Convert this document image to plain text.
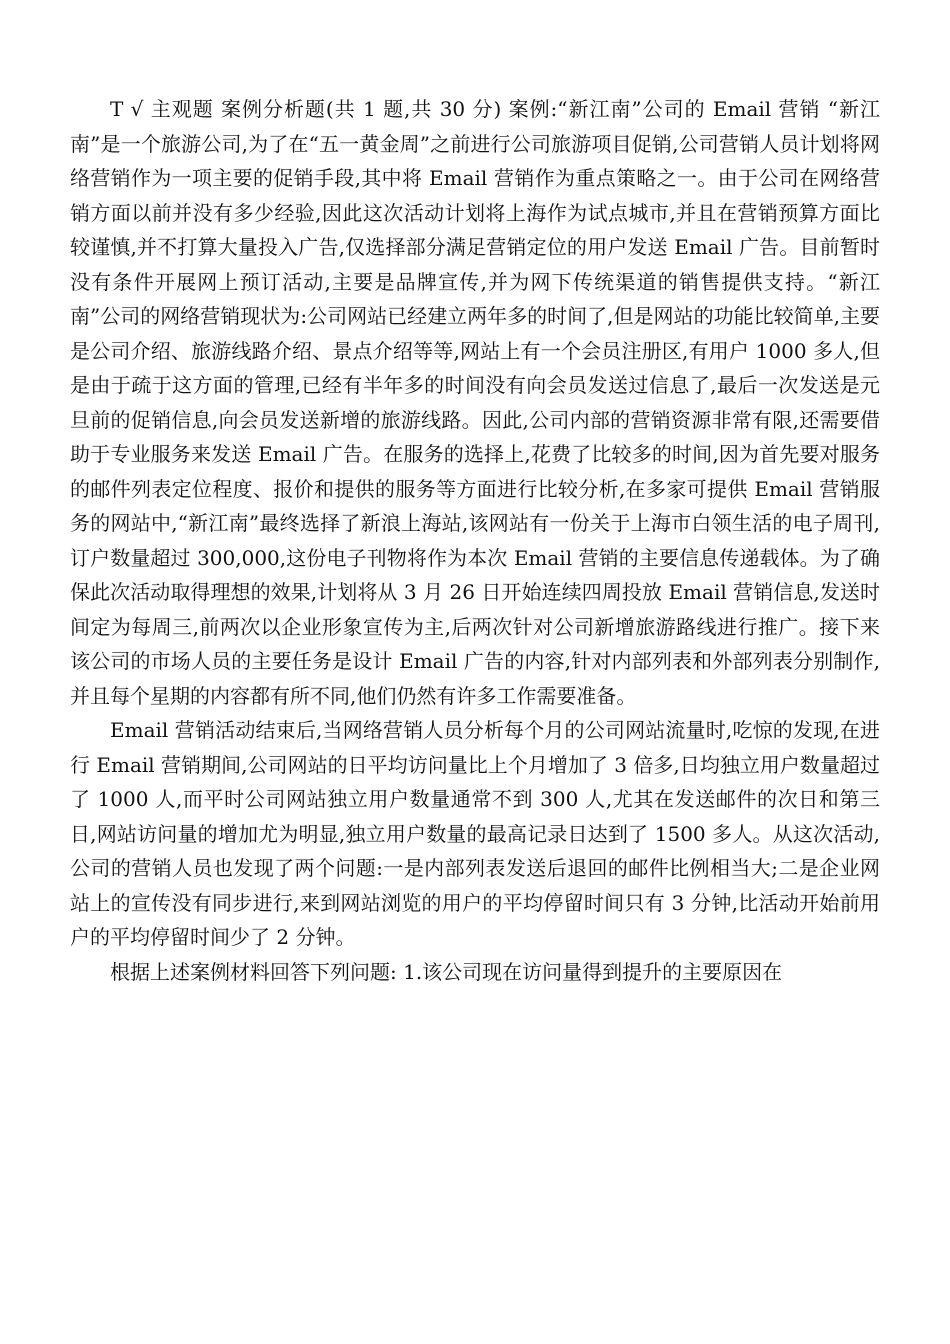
T √ 主观题 案例分析题(共 1 题,共 30 分) 案例:“新江南”公司的 Email 营销 “新江南”是一个旅游公司,为了在“五一黄金周”之前进行公司旅游项目促销,公司营销人员计划将网络营销作为一项主要的促销手段,其中将 Email 营销作为重点策略之一。由于公司在网络营销方面以前并没有多少经验,因此这次活动计划将上海作为试点城市,并且在营销预算方面比较谨慎,并不打算大量投入广告,仅选择部分满足营销定位的用户发送 Email 广告。目前暂时没有条件开展网上预订活动,主要是品牌宣传,并为网下传统渠道的销售提供支持。“新江南”公司的网络营销现状为:公司网站已经建立两年多的时间了,但是网站的功能比较简单,主要是公司介绍、旅游线路介绍、景点介绍等等,网站上有一个会员注册区,有用户 1000 多人,但是由于疏于这方面的管理,已经有半年多的时间没有向会员发送过信息了,最后一次发送是元旦前的促销信息,向会员发送新增的旅游线路。因此,公司内部的营销资源非常有限,还需要借助于专业服务来发送 Email 广告。在服务的选择上,花费了比较多的时间,因为首先要对服务的邮件列表定位程度、报价和提供的服务等方面进行比较分析,在多家可提供 Email 营销服务的网站中,“新江南”最终选择了新浪上海站,该网站有一份关于上海市白领生活的电子周刊,订户数量超过 300,000,这份电子刊物将作为本次 Email 营销的主要信息传递载体。为了确保此次活动取得理想的效果,计划将从 3 月 26 日开始连续四周投放 Email 营销信息,发送时间定为每周三,前两次以企业形象宣传为主,后两次针对公司新增旅游路线进行推广。接下来该公司的市场人员的主要任务是设计 Email 广告的内容,针对内部列表和外部列表分别制作,并且每个星期的内容都有所不同,他们仍然有许多工作需要准备。

Email 营销活动结束后,当网络营销人员分析每个月的公司网站流量时,吃惊的发现,在进行 Email 营销期间,公司网站的日平均访问量比上个月增加了 3 倍多,日均独立用户数量超过了 1000 人,而平时公司网站独立用户数量通常不到 300 人,尤其在发送邮件的次日和第三日,网站访问量的增加尤为明显,独立用户数量的最高记录日达到了 1500 多人。从这次活动,公司的营销人员也发现了两个问题:一是内部列表发送后退回的邮件比例相当大;二是企业网站上的宣传没有同步进行,来到网站浏览的用户的平均停留时间只有 3 分钟,比活动开始前用户的平均停留时间少了 2 分钟。

根据上述案例材料回答下列问题: 1.该公司现在访问量得到提升的主要原因在
